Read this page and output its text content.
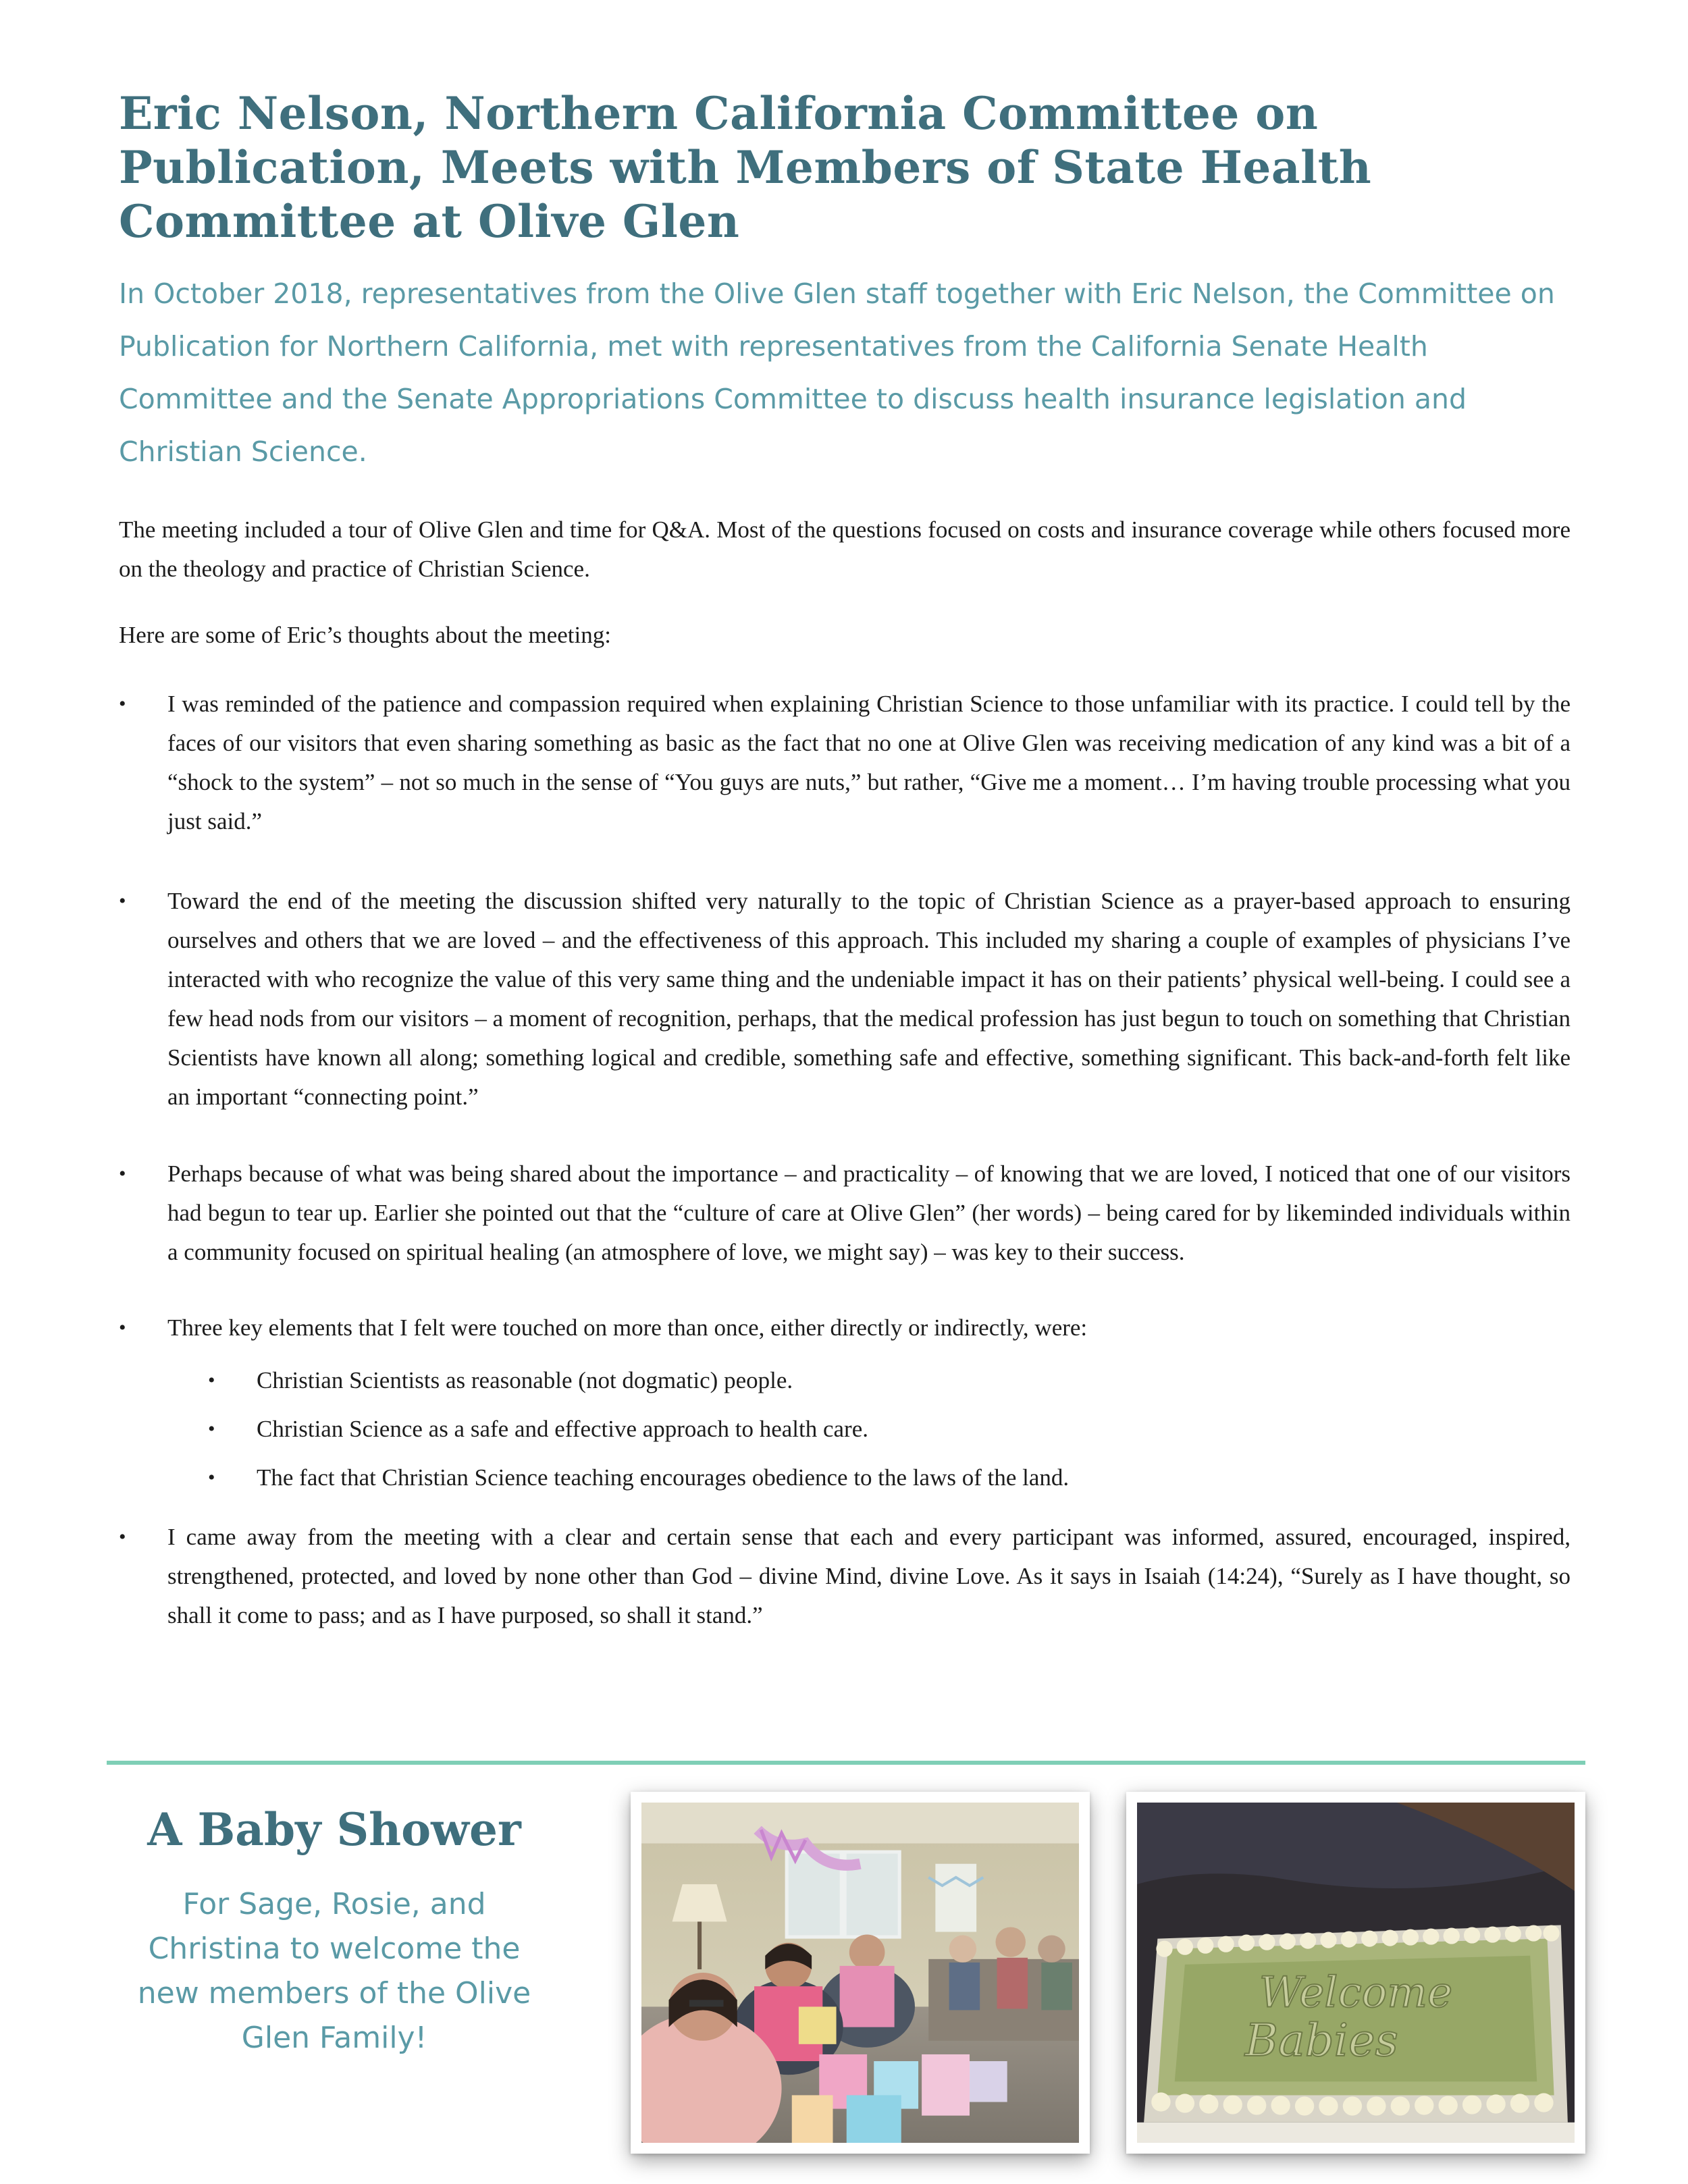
Eric Nelson, Northern California Committee on Publication, Meets with Members of State Health Committee at Olive Glen

In October 2018, representatives from the Olive Glen staff together with Eric Nelson, the Committee on Publication for Northern California, met with representatives from the California Senate Health Committee and the Senate Appropriations Committee to discuss health insurance legislation and Christian Science.

The meeting included a tour of Olive Glen and time for Q&A. Most of the questions focused on costs and insurance coverage while others focused more on the theology and practice of Christian Science.

Here are some of Eric’s thoughts about the meeting:

•	I was reminded of the patience and compassion required when explaining Christian Science to those unfamiliar with its practice. I could tell by the faces of our visitors that even sharing something as basic as the fact that no one at Olive Glen was receiving medication of any kind was a bit of a “shock to the system” – not so much in the sense of “You guys are nuts,” but rather, “Give me a moment… I’m having trouble processing what you just said.”
•	Toward the end of the meeting the discussion shifted very naturally to the topic of Christian Science as a prayer-based approach to ensuring ourselves and others that we are loved – and the effectiveness of this approach. This included my sharing a couple of examples of physicians I’ve interacted with who recognize the value of this very same thing and the undeniable impact it has on their patients’ physical well-being. I could see a few head nods from our visitors – a moment of recognition, perhaps, that the medical profession has just begun to touch on something that Christian Scientists have known all along; something logical and credible, something safe and effective, something significant. This back-and-forth felt like an important “connecting point.”
•	Perhaps because of what was being shared about the importance – and practicality – of knowing that we are loved, I noticed that one of our visitors had begun to tear up. Earlier she pointed out that the “culture of care at Olive Glen” (her words) – being cared for by likeminded individuals within a community focused on spiritual healing (an atmosphere of love, we might say) – was key to their success.
•	Three key elements that I felt were touched on more than once, either directly or indirectly, were:
• Christian Scientists as reasonable (not dogmatic) people.
• Christian Science as a safe and effective approach to health care.
• The fact that Christian Science teaching encourages obedience to the laws of the land.
•	I came away from the meeting with a clear and certain sense that each and every participant was informed, assured, encouraged, inspired, strengthened, protected, and loved by none other than God – divine Mind, divine Love. As it says in Isaiah (14:24), “Surely as I have thought, so shall it come to pass; and as I have purposed, so shall it stand.”
A Baby Shower

For Sage, Rosie, and Christina to welcome the new members of the Olive Glen Family!

Welcome
Babies
